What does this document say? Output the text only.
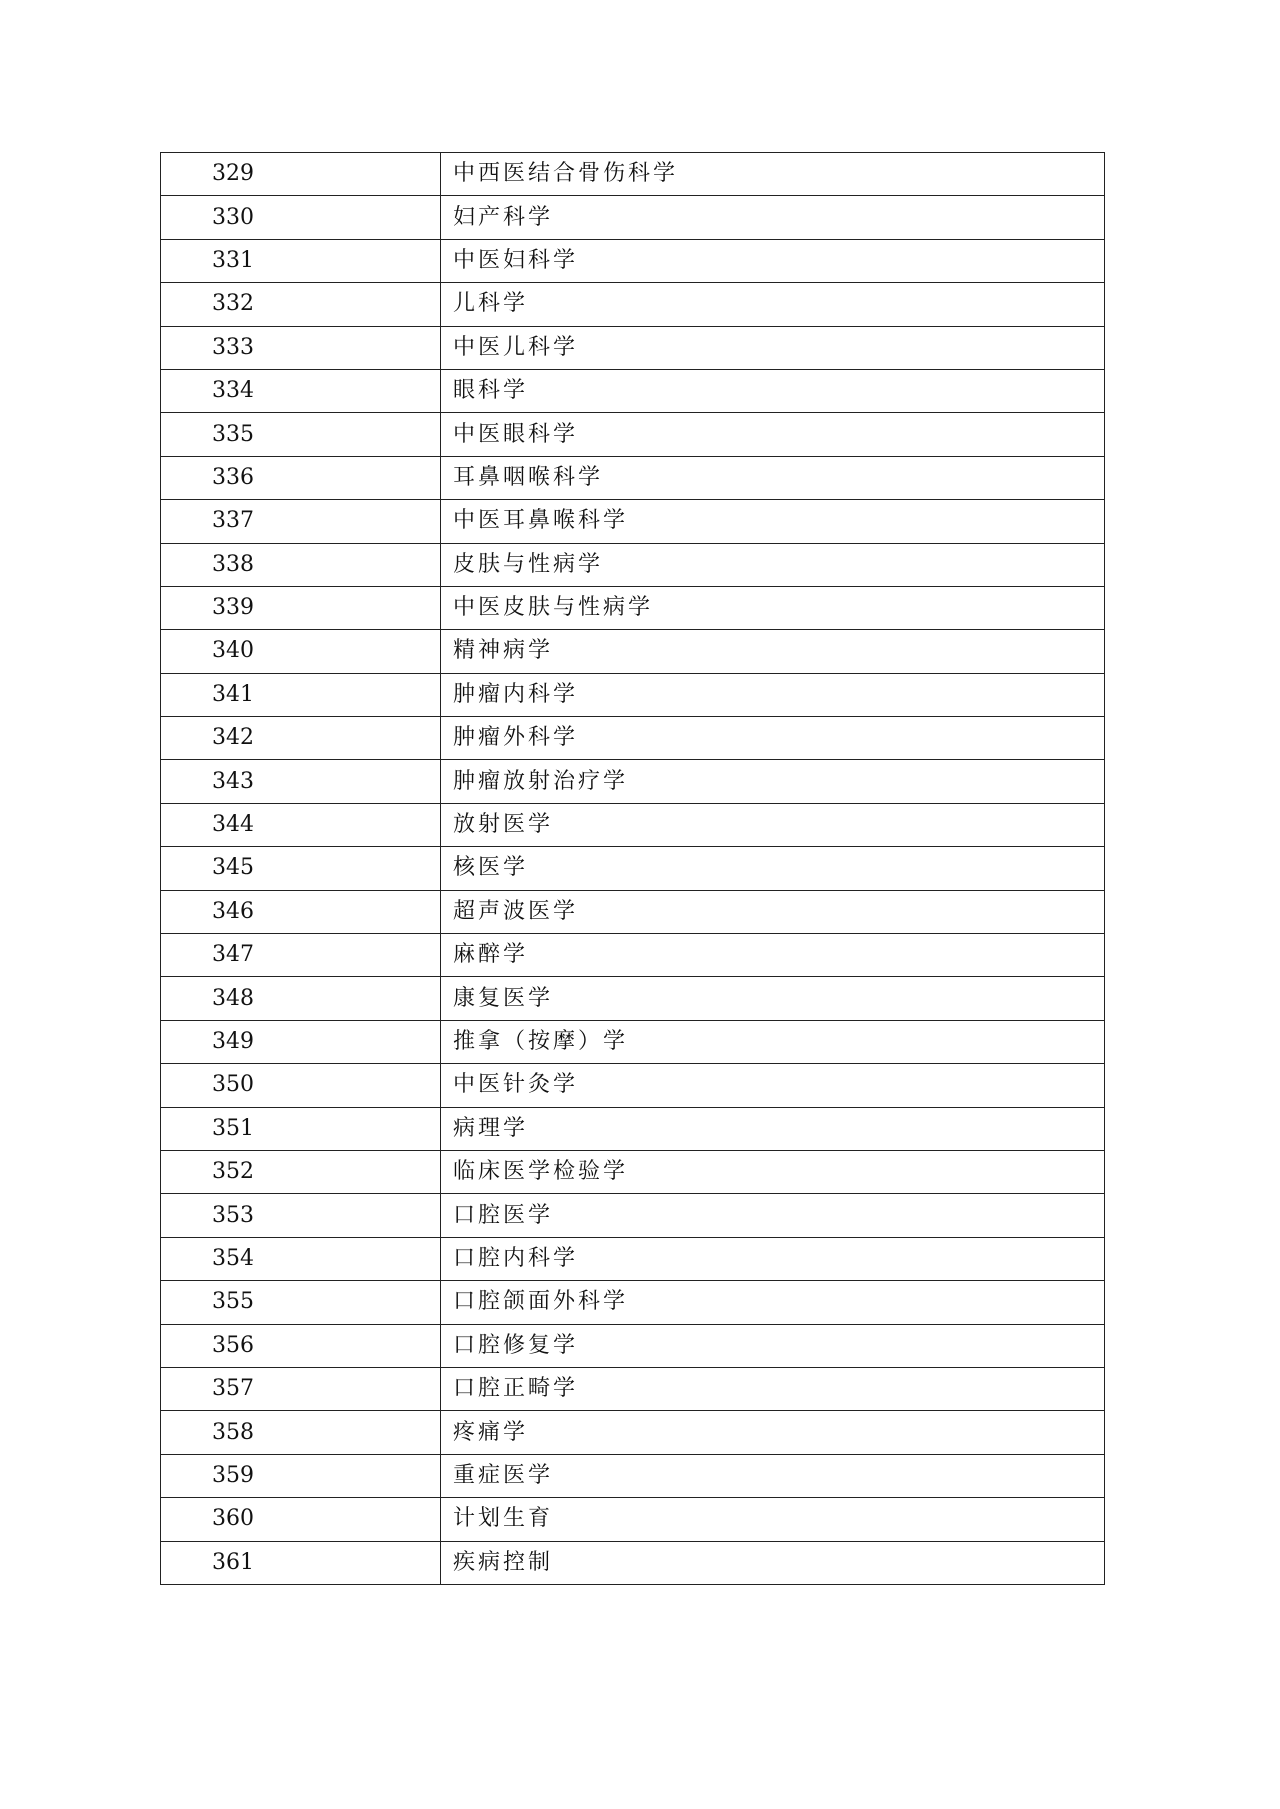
329	中西医结合骨伤科学
330	妇产科学
331	中医妇科学
332	儿科学
333	中医儿科学
334	眼科学
335	中医眼科学
336	耳鼻咽喉科学
337	中医耳鼻喉科学
338	皮肤与性病学
339	中医皮肤与性病学
340	精神病学
341	肿瘤内科学
342	肿瘤外科学
343	肿瘤放射治疗学
344	放射医学
345	核医学
346	超声波医学
347	麻醉学
348	康复医学
349	推拿（按摩）学
350	中医针灸学
351	病理学
352	临床医学检验学
353	口腔医学
354	口腔内科学
355	口腔颌面外科学
356	口腔修复学
357	口腔正畸学
358	疼痛学
359	重症医学
360	计划生育
361	疾病控制
